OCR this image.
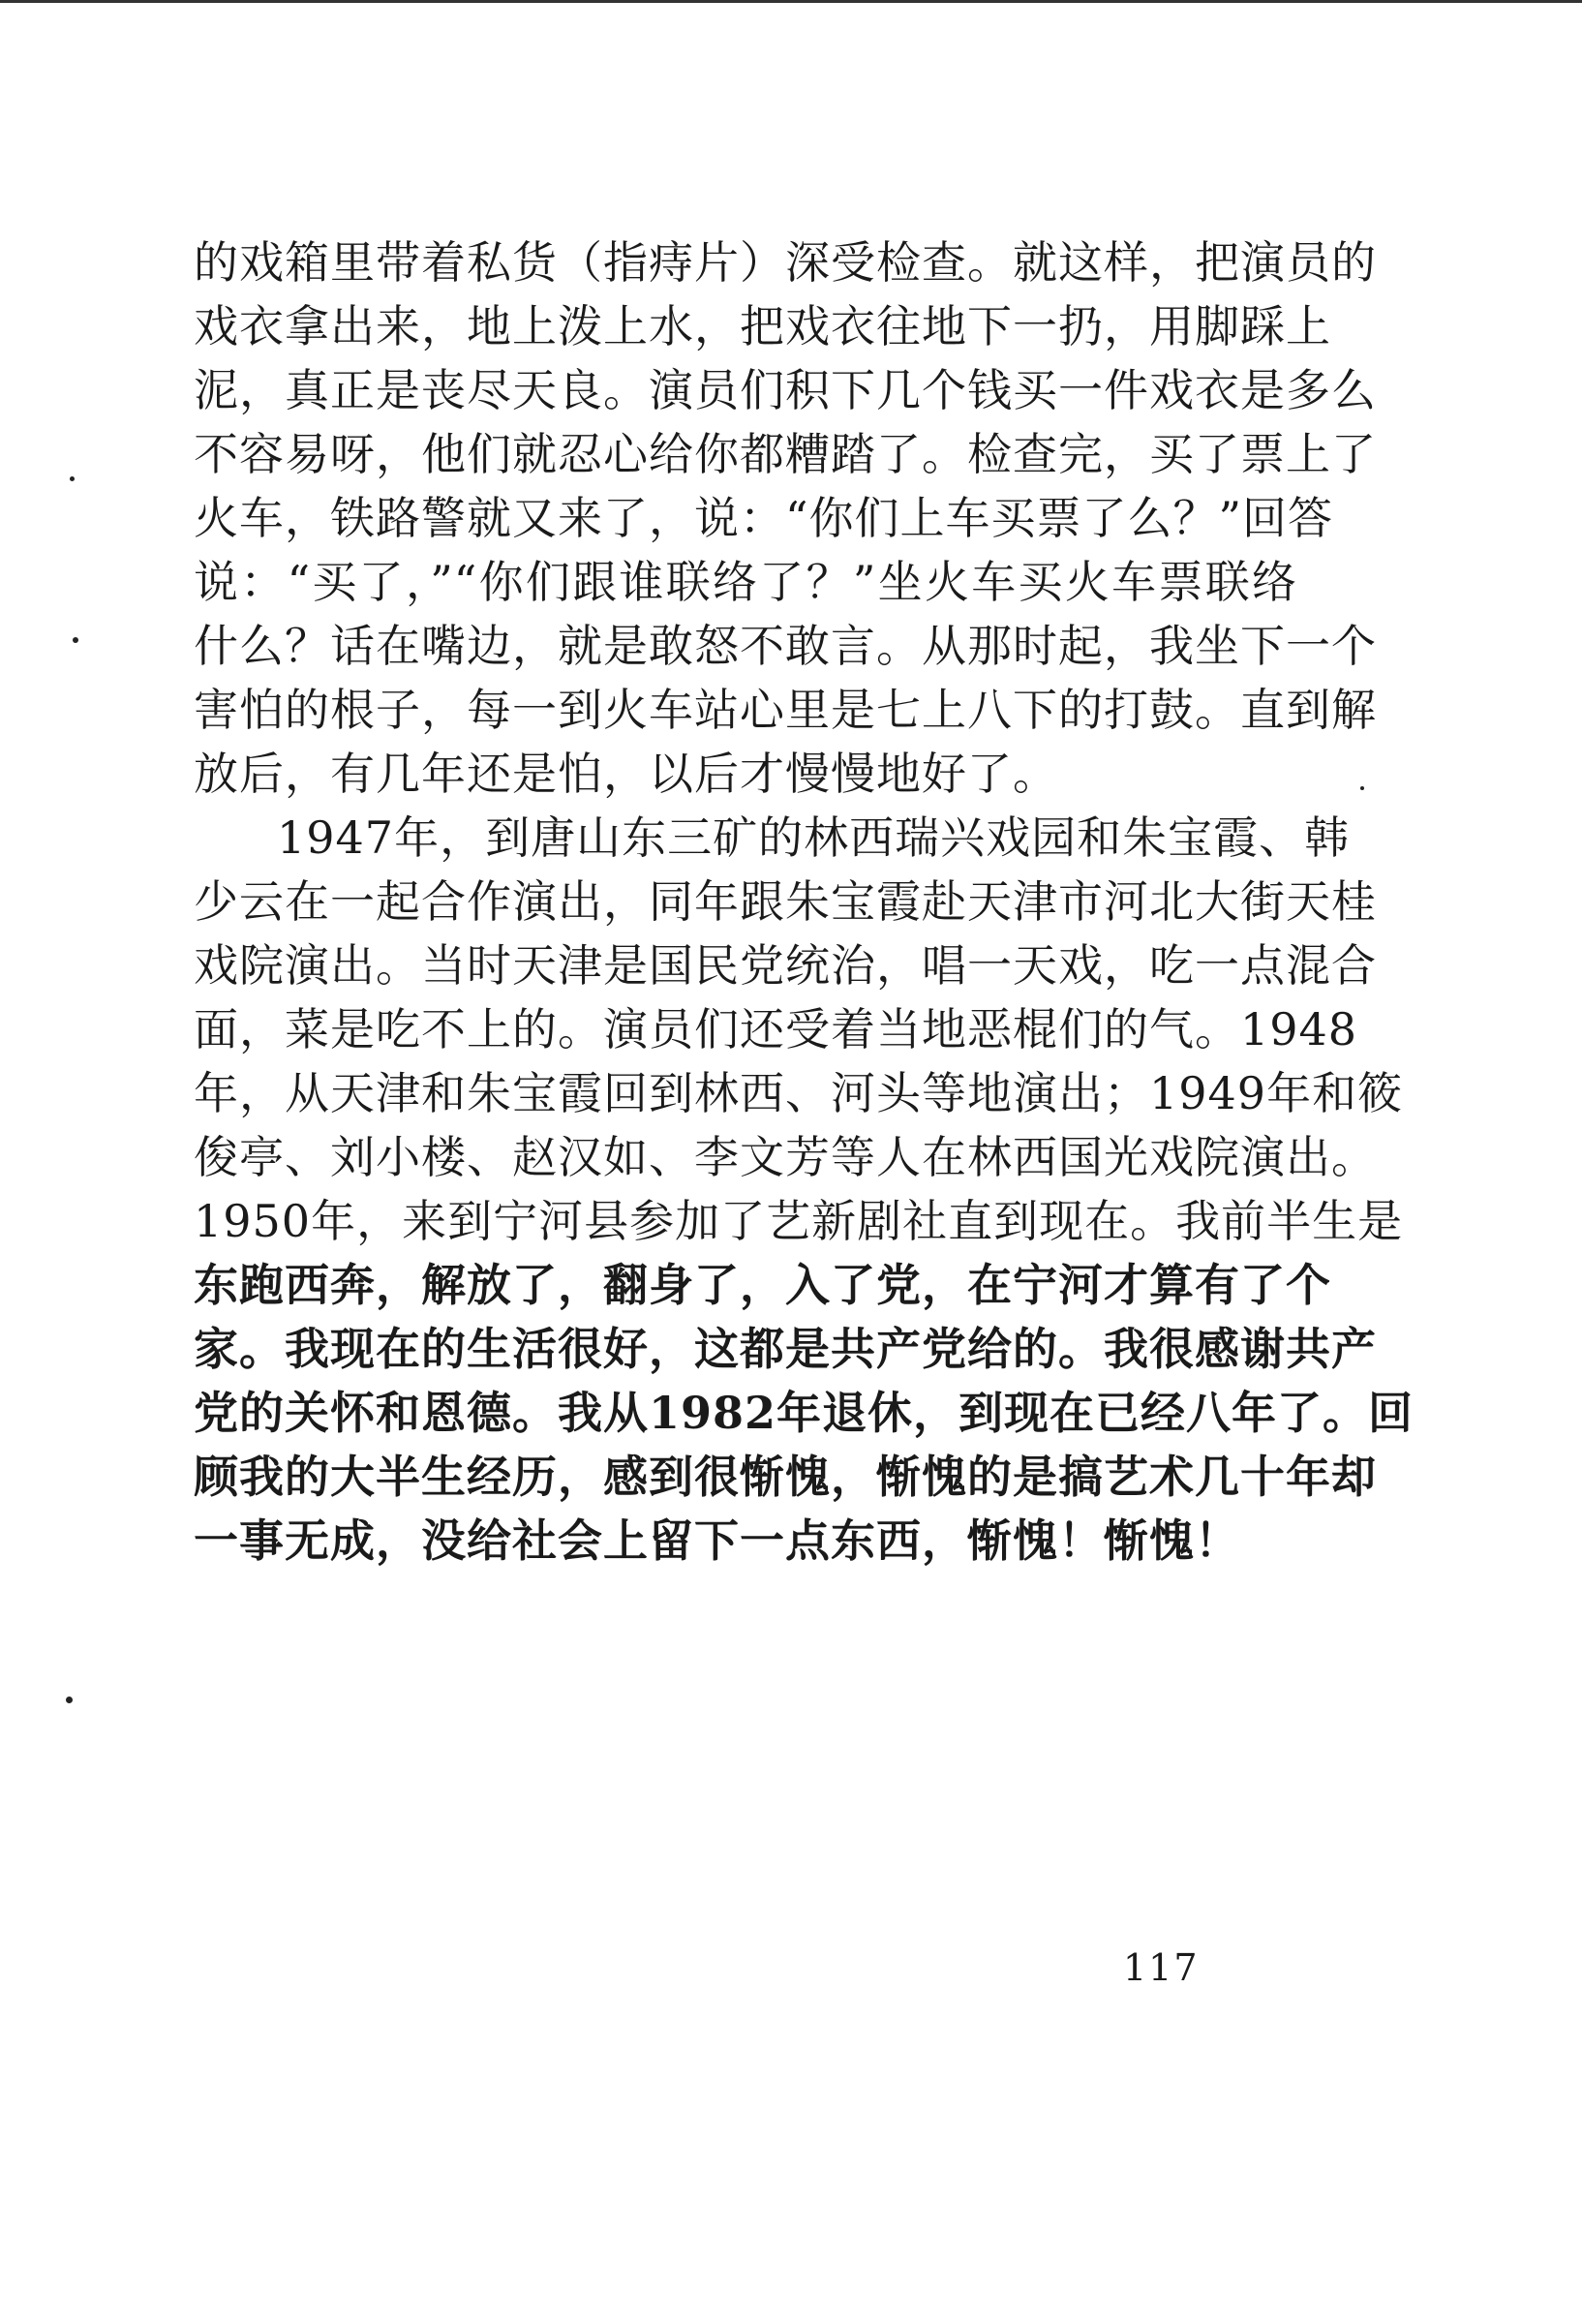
的戏箱里带着私货（指痔片）深受检查。就这样，把演员的
戏衣拿出来，地上泼上水，把戏衣往地下一扔，用脚踩上
泥，真正是丧尽天良。演员们积下几个钱买一件戏衣是多么
不容易呀，他们就忍心给你都糟踏了。检查完，买了票上了
火车，铁路警就又来了，说：“你们上车买票了么？”回答
说：“买了，”“你们跟谁联络了？”坐火车买火车票联络
什么？话在嘴边，就是敢怒不敢言。从那时起，我坐下一个
害怕的根子，每一到火车站心里是七上八下的打鼓。直到解
放后，有几年还是怕，以后才慢慢地好了。
1947年，到唐山东三矿的林西瑞兴戏园和朱宝霞、韩
少云在一起合作演出，同年跟朱宝霞赴天津市河北大街天桂
戏院演出。当时天津是国民党统治，唱一天戏，吃一点混合
面，菜是吃不上的。演员们还受着当地恶棍们的气。1948
年，从天津和朱宝霞回到林西、河头等地演出；1949年和筱
俊亭、刘小楼、赵汉如、李文芳等人在林西国光戏院演出。
1950年，来到宁河县参加了艺新剧社直到现在。我前半生是
东跑西奔，解放了，翻身了，入了党，在宁河才算有了个
家。我现在的生活很好，这都是共产党给的。我很感谢共产
党的关怀和恩德。我从1982年退休，到现在已经八年了。回
顾我的大半生经历，感到很惭愧，惭愧的是搞艺术几十年却
一事无成，没给社会上留下一点东西，惭愧！惭愧！
117
